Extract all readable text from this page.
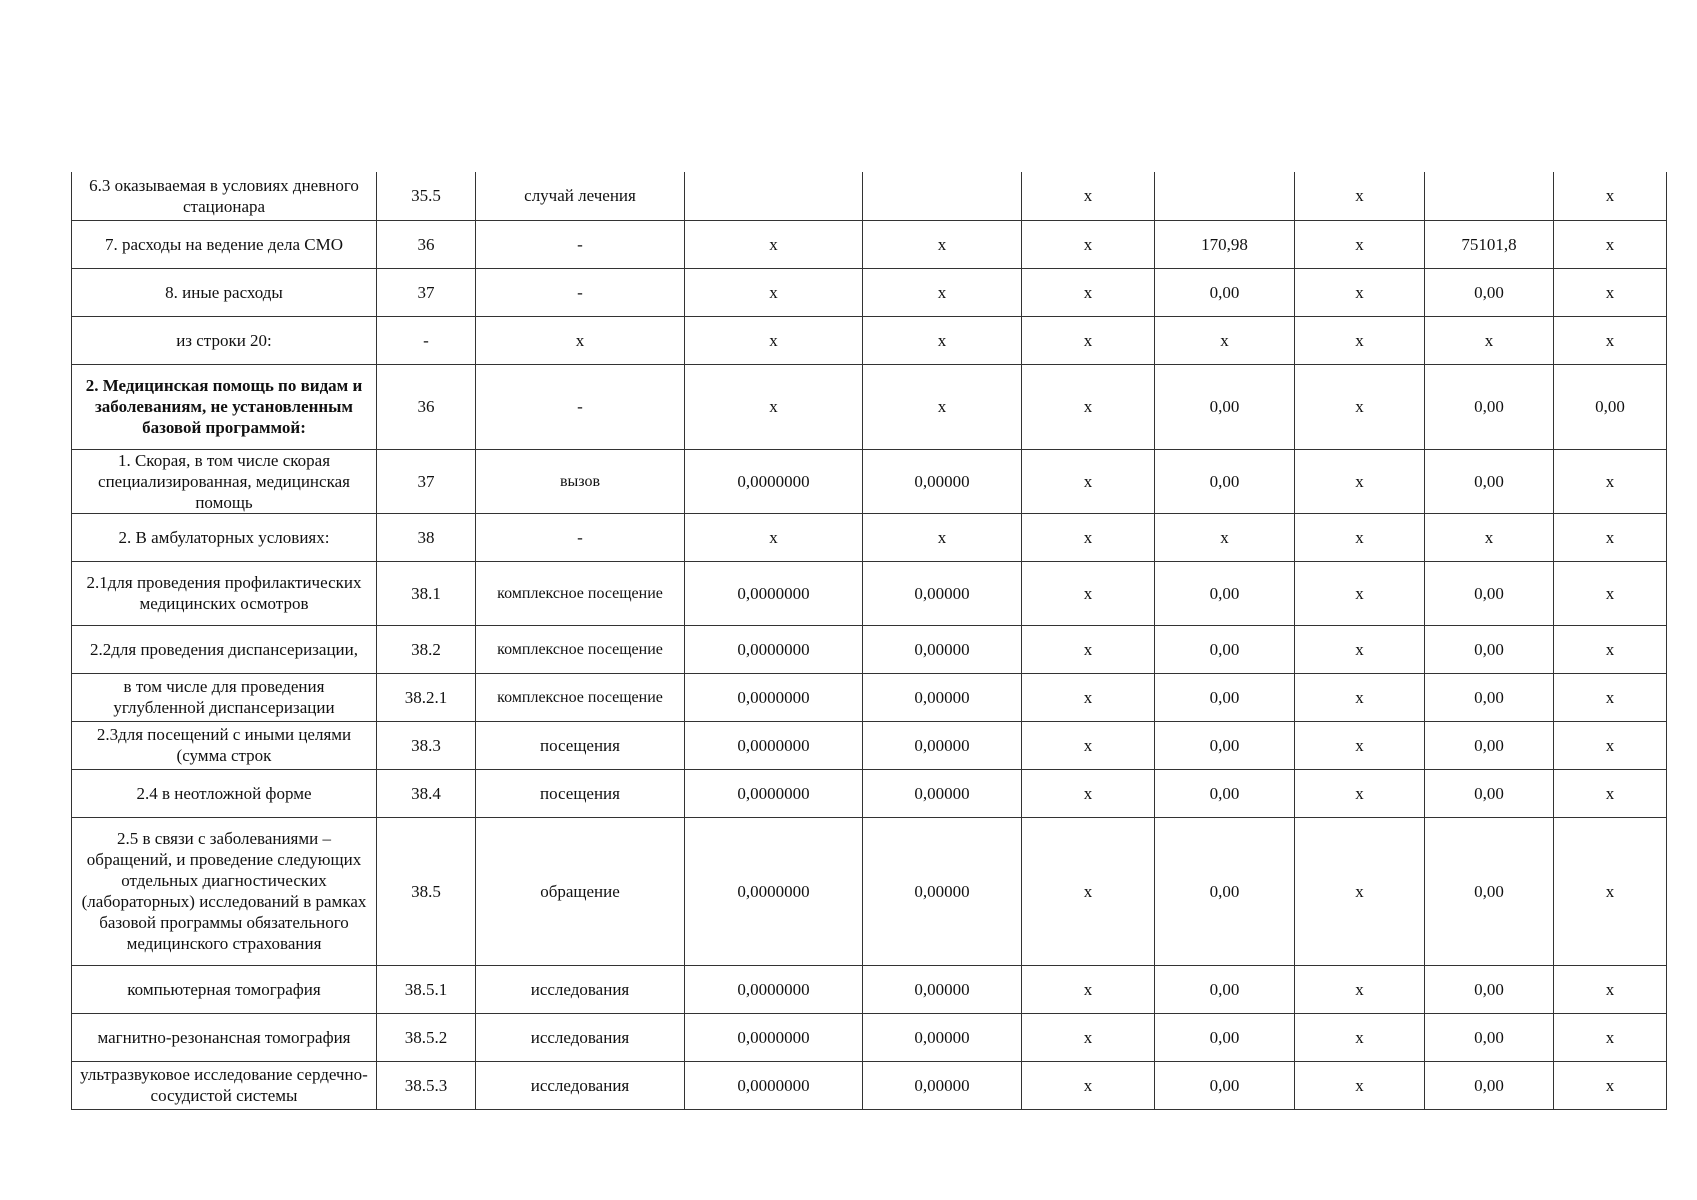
6.3 оказываемая в условиях дневного стационара	35.5	случай лечения			х		х		х
7. расходы на ведение дела СМО	36	-	х	х	х	170,98	х	75101,8	х
8. иные расходы	37	-	х	х	х	0,00	х	0,00	х
из строки 20:	-	х	х	х	х	х	х	х	х
2. Медицинская помощь по видам и заболеваниям, не установленным базовой программой:	36	-	х	х	х	0,00	х	0,00	0,00
1. Скорая, в том числе скорая специализированная, медицинская помощь	37	вызов	0,0000000	0,00000	х	0,00	х	0,00	х
2. В амбулаторных условиях:	38	-	х	х	х	х	х	х	х
2.1для проведения профилактических медицинских осмотров	38.1	комплексное посещение	0,0000000	0,00000	х	0,00	х	0,00	х
2.2для проведения диспансеризации,	38.2	комплексное посещение	0,0000000	0,00000	х	0,00	х	0,00	х
в том числе для проведения углубленной диспансеризации	38.2.1	комплексное посещение	0,0000000	0,00000	х	0,00	х	0,00	х
2.3для посещений с иными целями (сумма строк	38.3	посещения	0,0000000	0,00000	х	0,00	х	0,00	х
2.4 в неотложной форме	38.4	посещения	0,0000000	0,00000	х	0,00	х	0,00	х
2.5 в связи с заболеваниями – обращений, и проведение следующих отдельных диагностических (лабораторных) исследований в рамках базовой программы обязательного медицинского страхования	38.5	обращение	0,0000000	0,00000	х	0,00	х	0,00	х
компьютерная томография	38.5.1	исследования	0,0000000	0,00000	х	0,00	х	0,00	х
магнитно-резонансная томография	38.5.2	исследования	0,0000000	0,00000	х	0,00	х	0,00	х
ультразвуковое исследование сердечно-сосудистой системы	38.5.3	исследования	0,0000000	0,00000	х	0,00	х	0,00	х
